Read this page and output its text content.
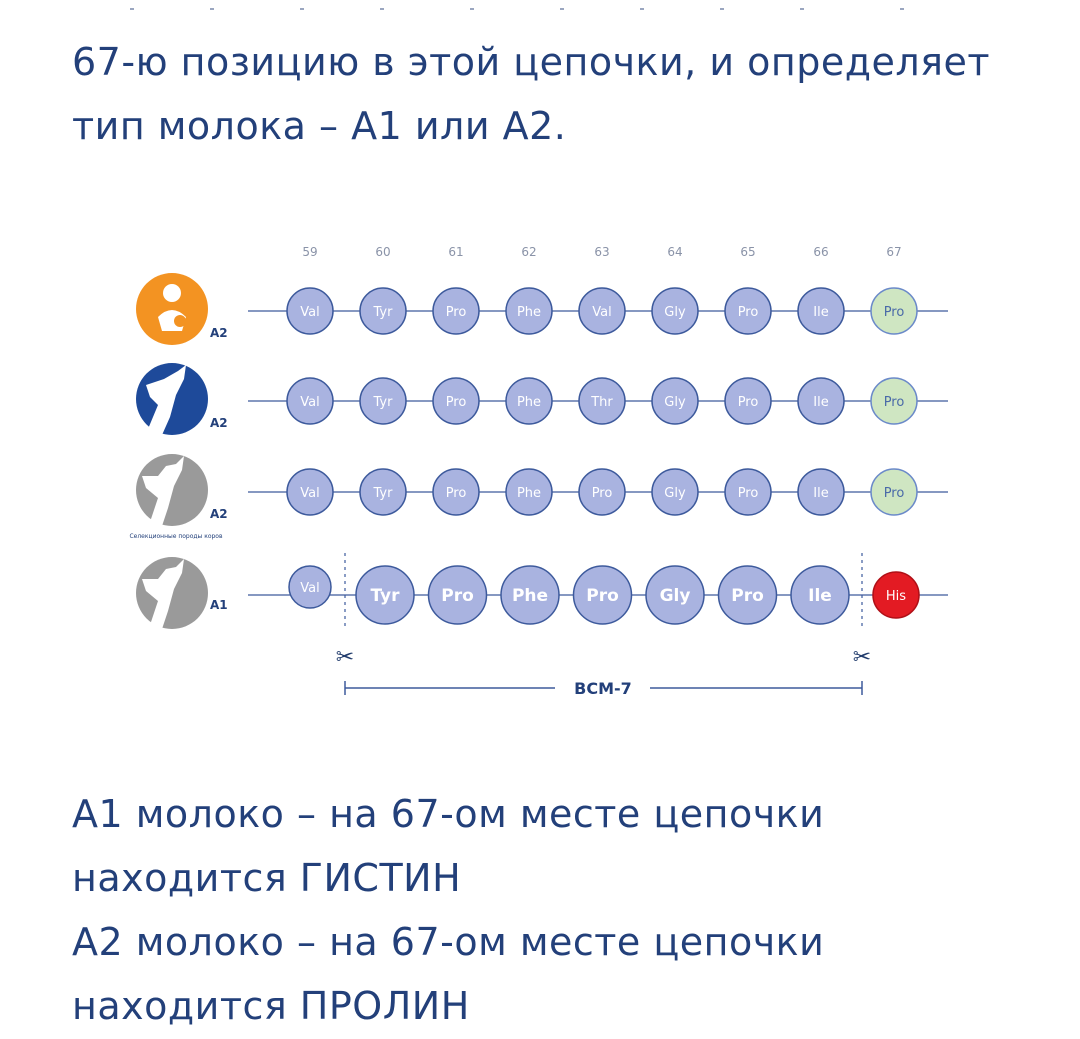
67-ю позицию в этой цепочки, и определяет
тип молока – А1 или А2.
59	60	61	62	63	64	65	66	67
A2
Val	Tyr	Pro	Phe	Val	Gly	Pro	Ile	Pro
A2
Val	Tyr	Pro	Phe	Thr	Gly	Pro	Ile	Pro
A2
Селекционные породы коров
Val	Tyr	Pro	Phe	Pro	Gly	Pro	Ile	Pro
A1
Val	Tyr Pro Phe Pro Gly Pro	Ile	His
✂	✂
BCM-7
А1 молоко – на 67-ом месте цепочки
находится ГИСТИН
А2 молоко – на 67-ом месте цепочки
находится ПРОЛИН
